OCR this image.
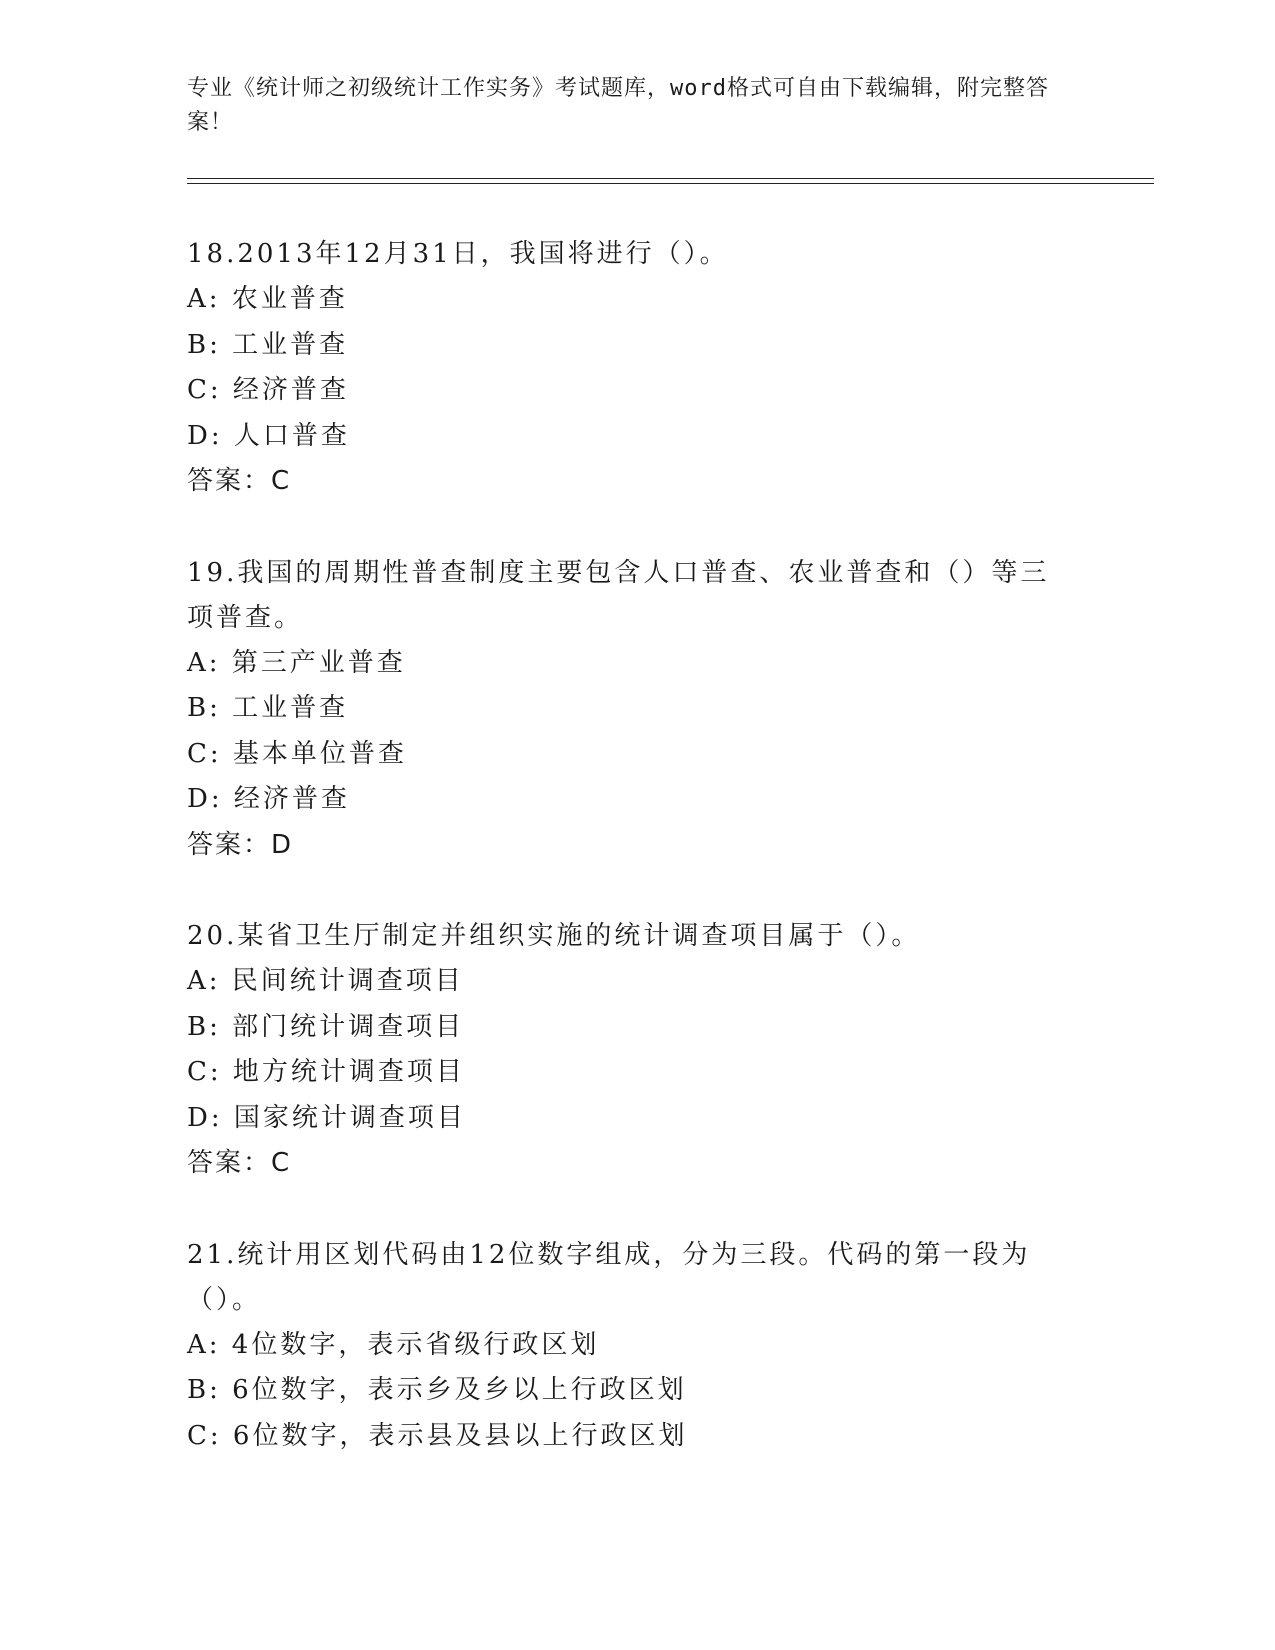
专业《统计师之初级统计工作实务》考试题库，word格式可自由下载编辑，附完整答案！
18.2013年12月31日，我国将进行（）。
A: 农业普查
B: 工业普查
C: 经济普查
D: 人口普查
答案：C
19.我国的周期性普查制度主要包含人口普查、农业普查和（）等三项普查。
A: 第三产业普查
B: 工业普查
C: 基本单位普查
D: 经济普查
答案：D
20.某省卫生厅制定并组织实施的统计调查项目属于（）。
A: 民间统计调查项目
B: 部门统计调查项目
C: 地方统计调查项目
D: 国家统计调查项目
答案：C
21.统计用区划代码由12位数字组成，分为三段。代码的第一段为（）。
A: 4位数字，表示省级行政区划
B: 6位数字，表示乡及乡以上行政区划
C: 6位数字，表示县及县以上行政区划
